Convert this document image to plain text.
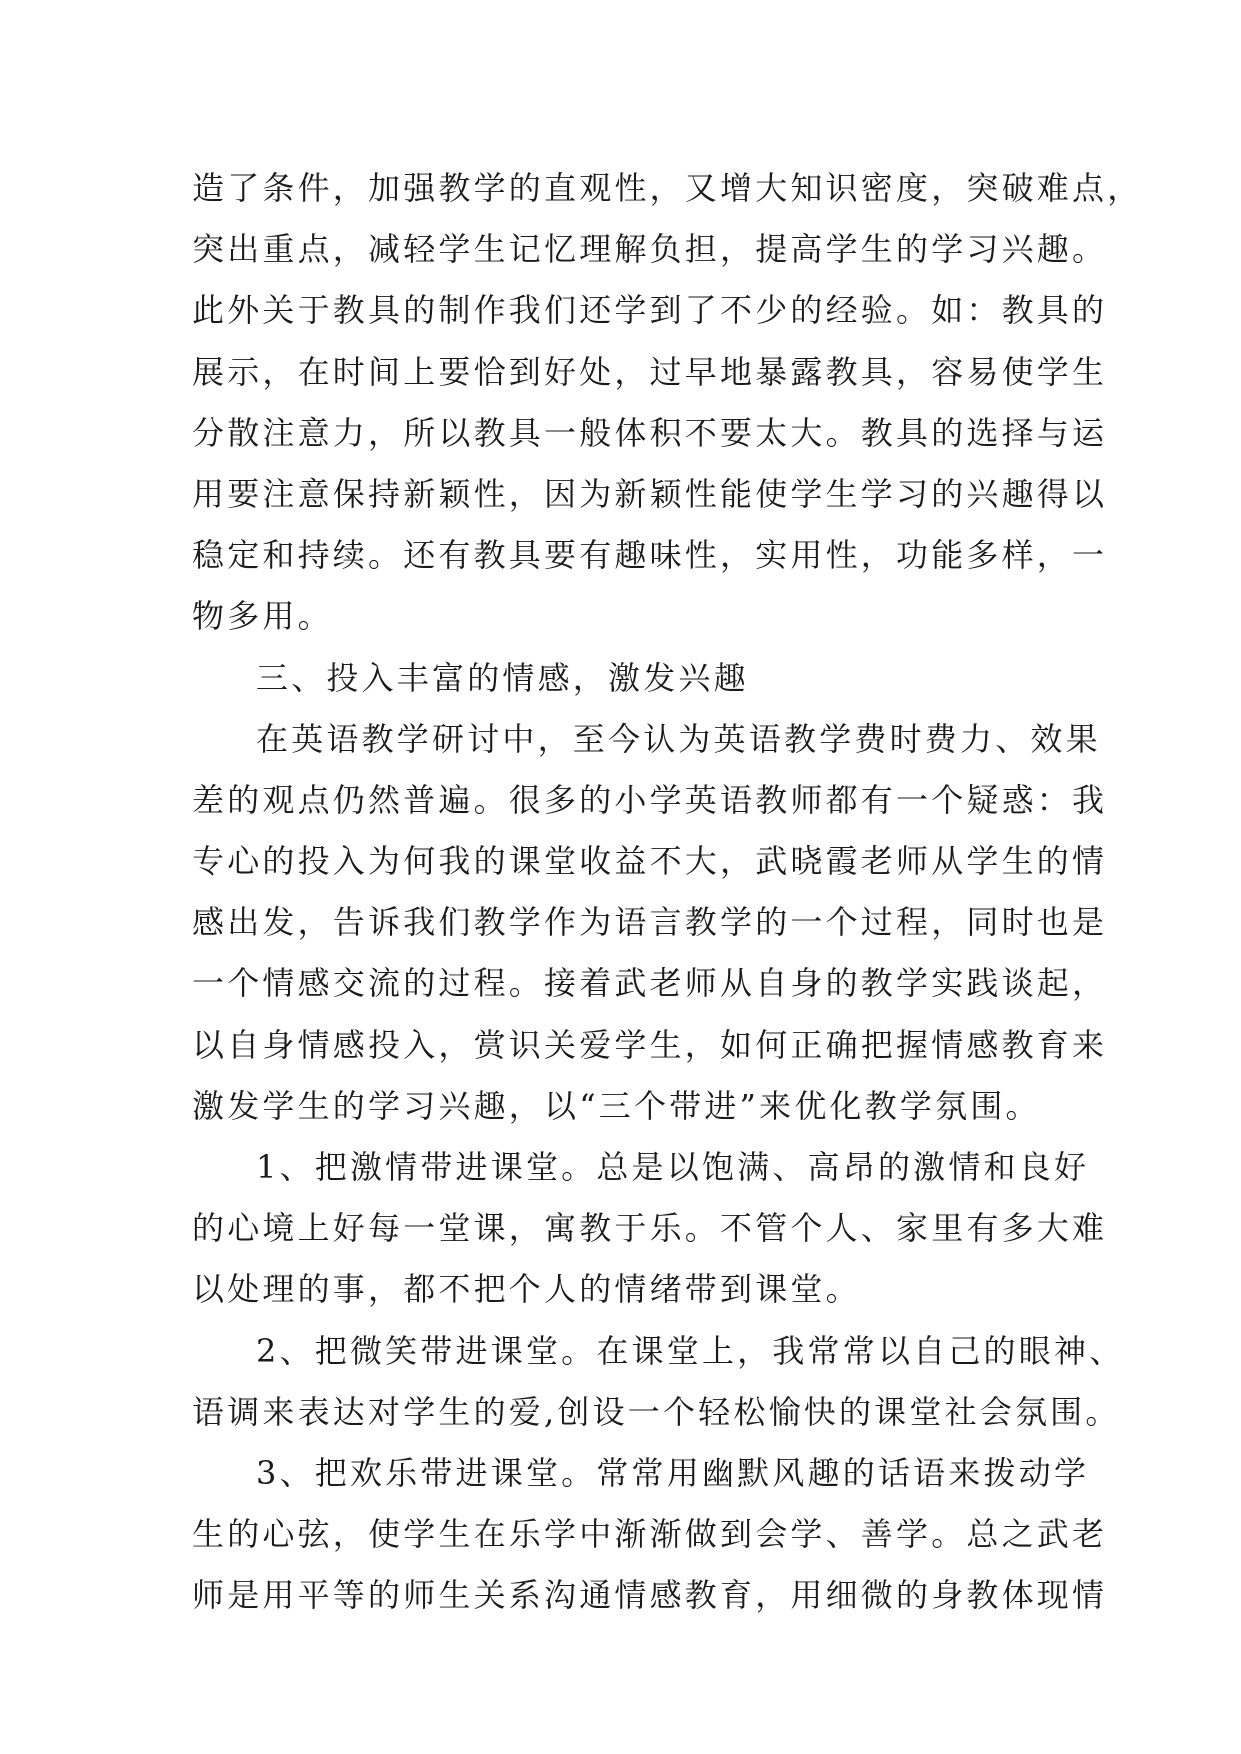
造了条件，加强教学的直观性，又增大知识密度，突破难点，
突出重点，减轻学生记忆理解负担，提高学生的学习兴趣。
此外关于教具的制作我们还学到了不少的经验。如：教具的
展示，在时间上要恰到好处，过早地暴露教具，容易使学生
分散注意力，所以教具一般体积不要太大。教具的选择与运
用要注意保持新颖性，因为新颖性能使学生学习的兴趣得以
稳定和持续。还有教具要有趣味性，实用性，功能多样，一
物多用。
三、投入丰富的情感，激发兴趣
在英语教学研讨中，至今认为英语教学费时费力、效果
差的观点仍然普遍。很多的小学英语教师都有一个疑惑：我
专心的投入为何我的课堂收益不大，武晓霞老师从学生的情
感出发，告诉我们教学作为语言教学的一个过程，同时也是
一个情感交流的过程。接着武老师从自身的教学实践谈起，
以自身情感投入，赏识关爱学生，如何正确把握情感教育来
激发学生的学习兴趣，以“三个带进”来优化教学氛围。
1、把激情带进课堂。总是以饱满、高昂的激情和良好
的心境上好每一堂课，寓教于乐。不管个人、家里有多大难
以处理的事，都不把个人的情绪带到课堂。
2、把微笑带进课堂。在课堂上，我常常以自己的眼神、
语调来表达对学生的爱,创设一个轻松愉快的课堂社会氛围。
3、把欢乐带进课堂。常常用幽默风趣的话语来拨动学
生的心弦，使学生在乐学中渐渐做到会学、善学。总之武老
师是用平等的师生关系沟通情感教育，用细微的身教体现情
